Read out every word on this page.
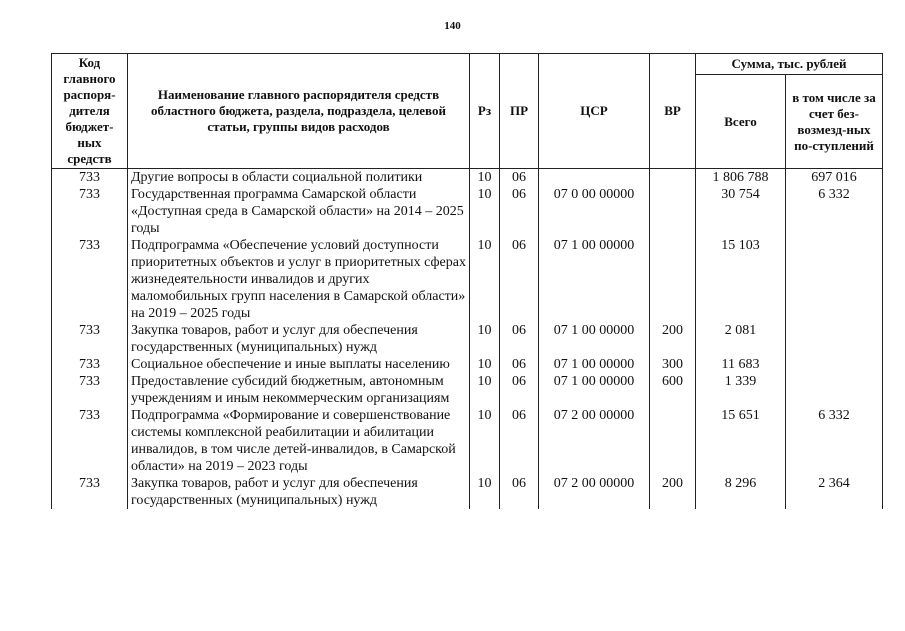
140
Код главного распоря-дителя бюджет-ных средств	Наименование главного распорядителя средств областного бюджета, раздела, подраздела, целевой статьи, группы видов расходов	Рз	ПР	ЦСР	ВР	Сумма, тыс. рублей	
						Всего	в том числе за счет без-возмезд-ных по-ступлений
733	Другие вопросы в области социальной политики	10	06			1 806 788	697 016
733	Государственная программа Самарской области «Доступная среда в Самарской области» на 2014 – 2025 годы	10	06	07 0 00 00000		30 754	6 332
733	Подпрограмма «Обеспечение условий доступности приоритетных объектов и услуг в приоритетных сферах жизнедеятельности инвалидов и других маломобильных групп населения в Самарской области» на 2019 – 2025 годы	10	06	07 1 00 00000		15 103	
733	Закупка товаров, работ и услуг для обеспечения государственных (муниципальных) нужд	10	06	07 1 00 00000	200	2 081	
733	Социальное обеспечение и иные выплаты населению	10	06	07 1 00 00000	300	11 683	
733	Предоставление субсидий бюджетным, автономным учреждениям и иным некоммерческим организациям	10	06	07 1 00 00000	600	1 339	
733	Подпрограмма «Формирование и совершенствование системы комплексной реабилитации и абилитации инвалидов, в том числе детей-инвалидов, в Самарской области» на 2019 – 2023 годы	10	06	07 2 00 00000		15 651	6 332
733	Закупка товаров, работ и услуг для обеспечения государственных (муниципальных) нужд	10	06	07 2 00 00000	200	8 296	2 364
